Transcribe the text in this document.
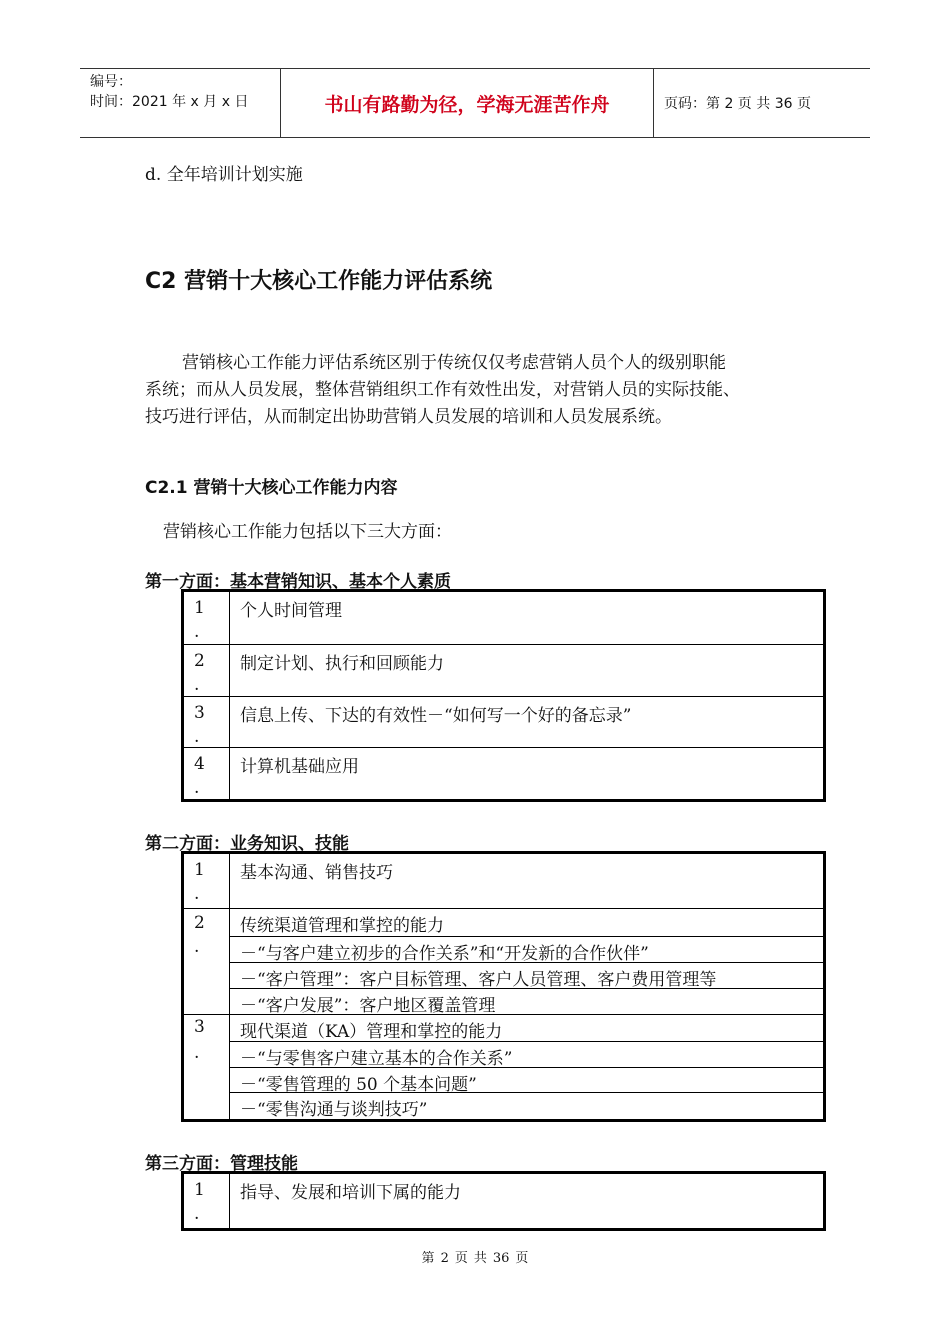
编号：
时间：2021 年 x 月 x 日	书山有路勤为径，学海无涯苦作舟	页码：第 2 页 共 36 页
d. 全年培训计划实施
C2 营销十大核心工作能力评估系统
营销核心工作能力评估系统区别于传统仅仅考虑营销人员个人的级别职能
系统；而从人员发展，整体营销组织工作有效性出发，对营销人员的实际技能、
技巧进行评估，从而制定出协助营销人员发展的培训和人员发展系统。
C2.1 营销十大核心工作能力内容
营销核心工作能力包括以下三大方面：
第一方面：基本营销知识、基本个人素质
1
.
个人时间管理
2
.
制定计划、执行和回顾能力
3
.
信息上传、下达的有效性－“如何写一个好的备忘录”
4
.
计算机基础应用
第二方面：业务知识、技能
1
.
基本沟通、销售技巧
2
.
传统渠道管理和掌控的能力
－“与客户建立初步的合作关系”和“开发新的合作伙伴”
－“客户管理”：客户目标管理、客户人员管理、客户费用管理等
－“客户发展”：客户地区覆盖管理
3
.
现代渠道（KA）管理和掌控的能力
－“与零售客户建立基本的合作关系”
－“零售管理的 50 个基本问题”
－“零售沟通与谈判技巧”
第三方面：管理技能
1
.
指导、发展和培训下属的能力
第 2 页 共 36 页
